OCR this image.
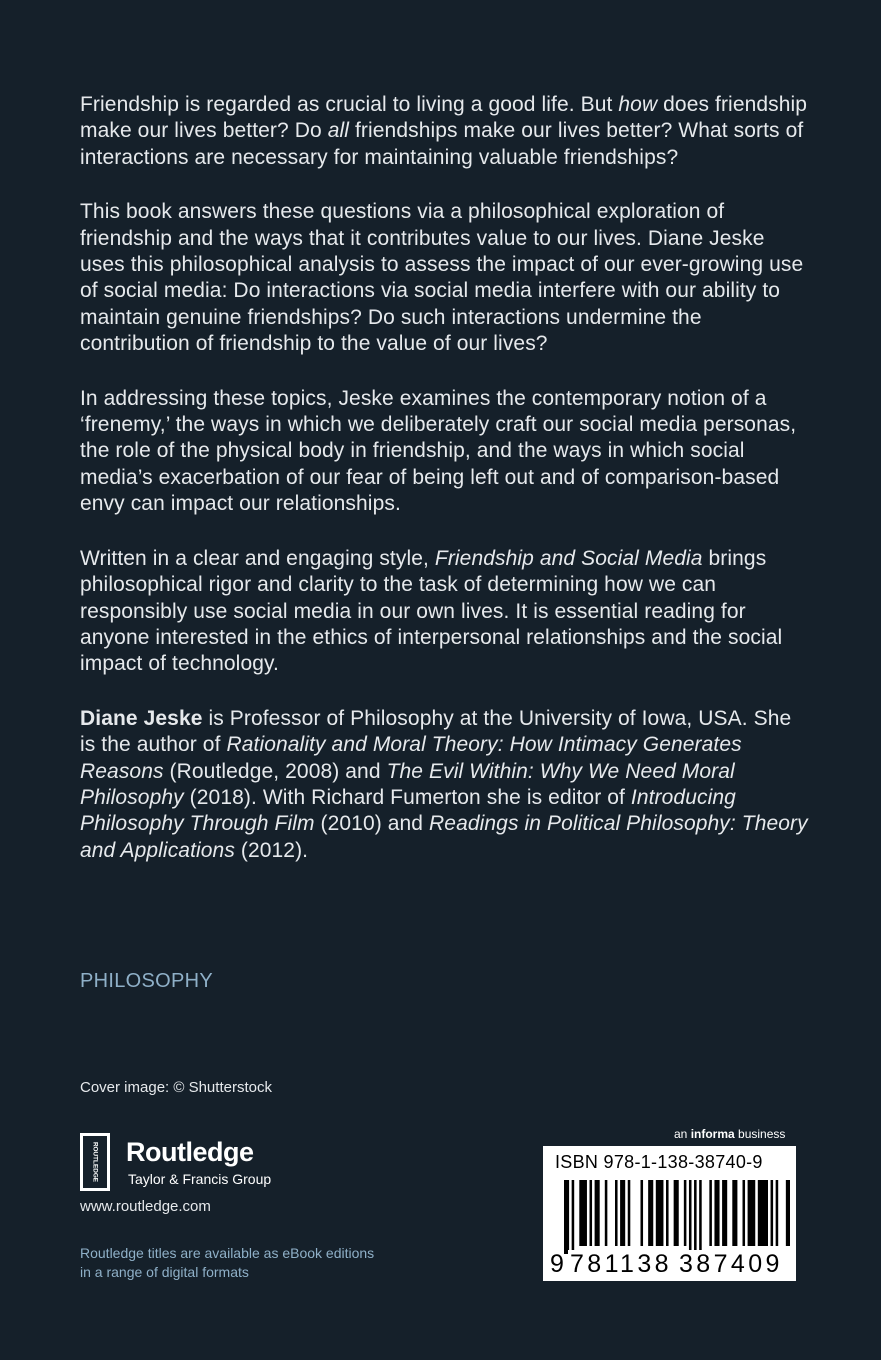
Friendship is regarded as crucial to living a good life. But how does friendship make our lives better? Do all friendships make our lives better? What sorts of interactions are necessary for maintaining valuable friendships?

This book answers these questions via a philosophical exploration of friendship and the ways that it contributes value to our lives. Diane Jeske uses this philosophical analysis to assess the impact of our ever-growing use of social media: Do interactions via social media interfere with our ability to maintain genuine friendships? Do such interactions undermine the contribution of friendship to the value of our lives?

In addressing these topics, Jeske examines the contemporary notion of a ‘frenemy,’ the ways in which we deliberately craft our social media personas, the role of the physical body in friendship, and the ways in which social media’s exacerbation of our fear of being left out and of comparison-based envy can impact our relationships.

Written in a clear and engaging style, Friendship and Social Media brings philosophical rigor and clarity to the task of determining how we can responsibly use social media in our own lives. It is essential reading for anyone interested in the ethics of interpersonal relationships and the social impact of technology.

Diane Jeske is Professor of Philosophy at the University of Iowa, USA. She is the author of Rationality and Moral Theory: How Intimacy Generates Reasons (Routledge, 2008) and The Evil Within: Why We Need Moral Philosophy (2018). With Richard Fumerton she is editor of Introducing Philosophy Through Film (2010) and Readings in Political Philosophy: Theory and Applications (2012).

PHILOSOPHY
Cover image: © Shutterstock
ROUTLEDGE Routledge
Taylor & Francis Group
www.routledge.com
Routledge titles are available as eBook editions in a range of digital formats
an informa business
ISBN 978-1-138-38740-9
9 781138 387409
